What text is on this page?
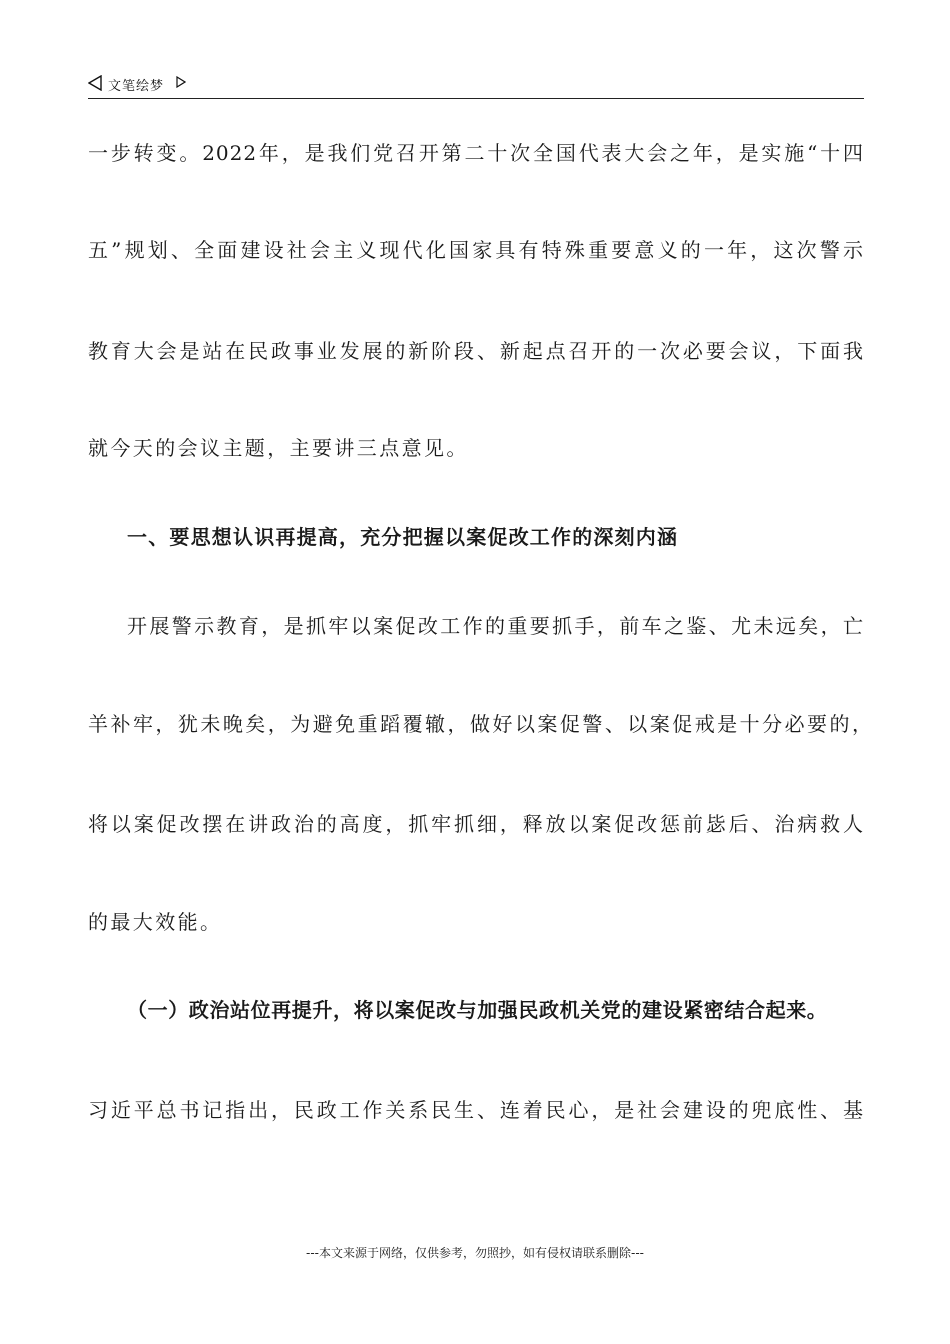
文笔绘梦
一步转变。2022年，是我们党召开第二十次全国代表大会之年，是实施“十四
五”规划、全面建设社会主义现代化国家具有特殊重要意义的一年，这次警示
教育大会是站在民政事业发展的新阶段、新起点召开的一次必要会议，下面我
就今天的会议主题，主要讲三点意见。
一、要思想认识再提高，充分把握以案促改工作的深刻内涵
开展警示教育，是抓牢以案促改工作的重要抓手，前车之鉴、尤未远矣，亡
羊补牢，犹未晚矣，为避免重蹈覆辙，做好以案促警、以案促戒是十分必要的，
将以案促改摆在讲政治的高度，抓牢抓细，释放以案促改惩前毖后、治病救人
的最大效能。
（一）政治站位再提升，将以案促改与加强民政机关党的建设紧密结合起来。
习近平总书记指出，民政工作关系民生、连着民心，是社会建设的兜底性、基
---本文来源于网络，仅供参考，勿照抄，如有侵权请联系删除---
